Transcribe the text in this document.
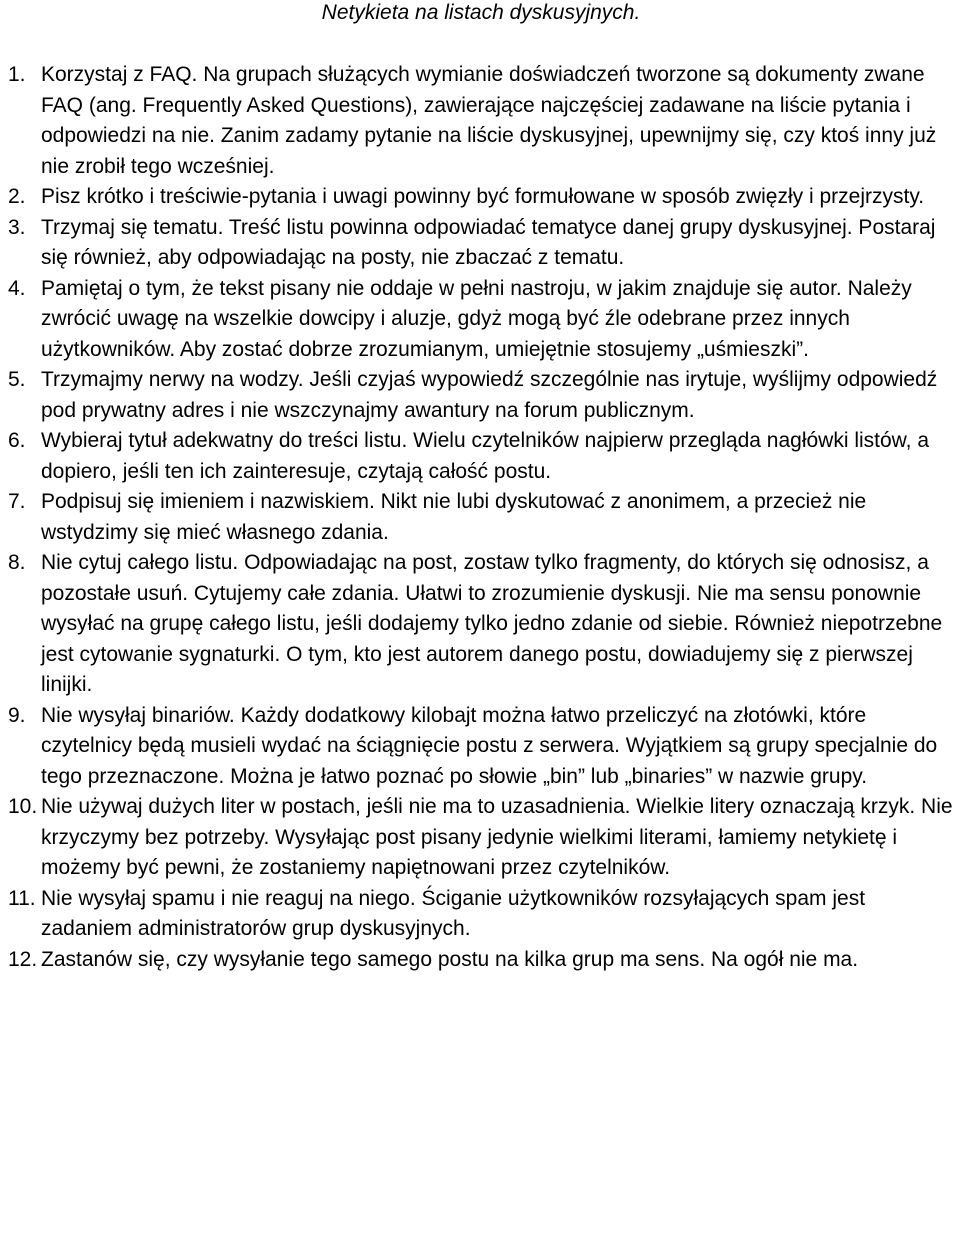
Netykieta na listach dyskusyjnych.
1. Korzystaj z FAQ. Na grupach służących wymianie doświadczeń tworzone są dokumenty zwane FAQ (ang. Frequently Asked Questions), zawierające najczęściej zadawane na liście pytania i odpowiedzi na nie. Zanim zadamy pytanie na liście dyskusyjnej, upewnijmy się, czy ktoś inny już nie zrobił tego wcześniej.
2. Pisz krótko i treściwie-pytania i uwagi powinny być formułowane w sposób zwięzły i przejrzysty.
3. Trzymaj się tematu. Treść listu powinna odpowiadać tematyce danej grupy dyskusyjnej. Postaraj się również, aby odpowiadając na posty, nie zbaczać z tematu.
4. Pamiętaj o tym, że tekst pisany nie oddaje w pełni nastroju, w jakim znajduje się autor. Należy zwrócić uwagę na wszelkie dowcipy i aluzje, gdyż mogą być źle odebrane przez innych użytkowników. Aby zostać dobrze zrozumianym, umiejętnie stosujemy „uśmieszki”.
5. Trzymajmy nerwy na wodzy. Jeśli czyjaś wypowiedź szczególnie nas irytuje, wyślijmy odpowiedź pod prywatny adres i nie wszczynajmy awantury na forum publicznym.
6. Wybieraj tytuł adekwatny do treści listu. Wielu czytelników najpierw przegląda nagłówki listów, a dopiero, jeśli ten ich zainteresuje, czytają całość postu.
7. Podpisuj się imieniem i nazwiskiem. Nikt nie lubi dyskutować z anonimem, a przecież nie wstydzimy się mieć własnego zdania.
8. Nie cytuj całego listu. Odpowiadając na post, zostaw tylko fragmenty, do których się odnosisz, a pozostałe usuń. Cytujemy całe zdania. Ułatwi to zrozumienie dyskusji. Nie ma sensu ponownie wysyłać na grupę całego listu, jeśli dodajemy tylko jedno zdanie od siebie. Również niepotrzebne jest cytowanie sygnaturki. O tym, kto jest autorem danego postu, dowiadujemy się z pierwszej linijki.
9. Nie wysyłaj binariów. Każdy dodatkowy kilobajt można łatwo przeliczyć na złotówki, które czytelnicy będą musieli wydać na ściągnięcie postu z serwera. Wyjątkiem są grupy specjalnie do tego przeznaczone. Można je łatwo poznać po słowie „bin” lub „binaries” w nazwie grupy.
10. Nie używaj dużych liter w postach, jeśli nie ma to uzasadnienia. Wielkie litery oznaczają krzyk. Nie krzyczymy bez potrzeby. Wysyłając post pisany jedynie wielkimi literami, łamiemy netykietę i możemy być pewni, że zostaniemy napiętnowani przez czytelników.
11. Nie wysyłaj spamu i nie reaguj na niego. Ściganie użytkowników rozsyłających spam jest zadaniem administratorów grup dyskusyjnych.
12. Zastanów się, czy wysyłanie tego samego postu na kilka grup ma sens. Na ogół nie ma.
